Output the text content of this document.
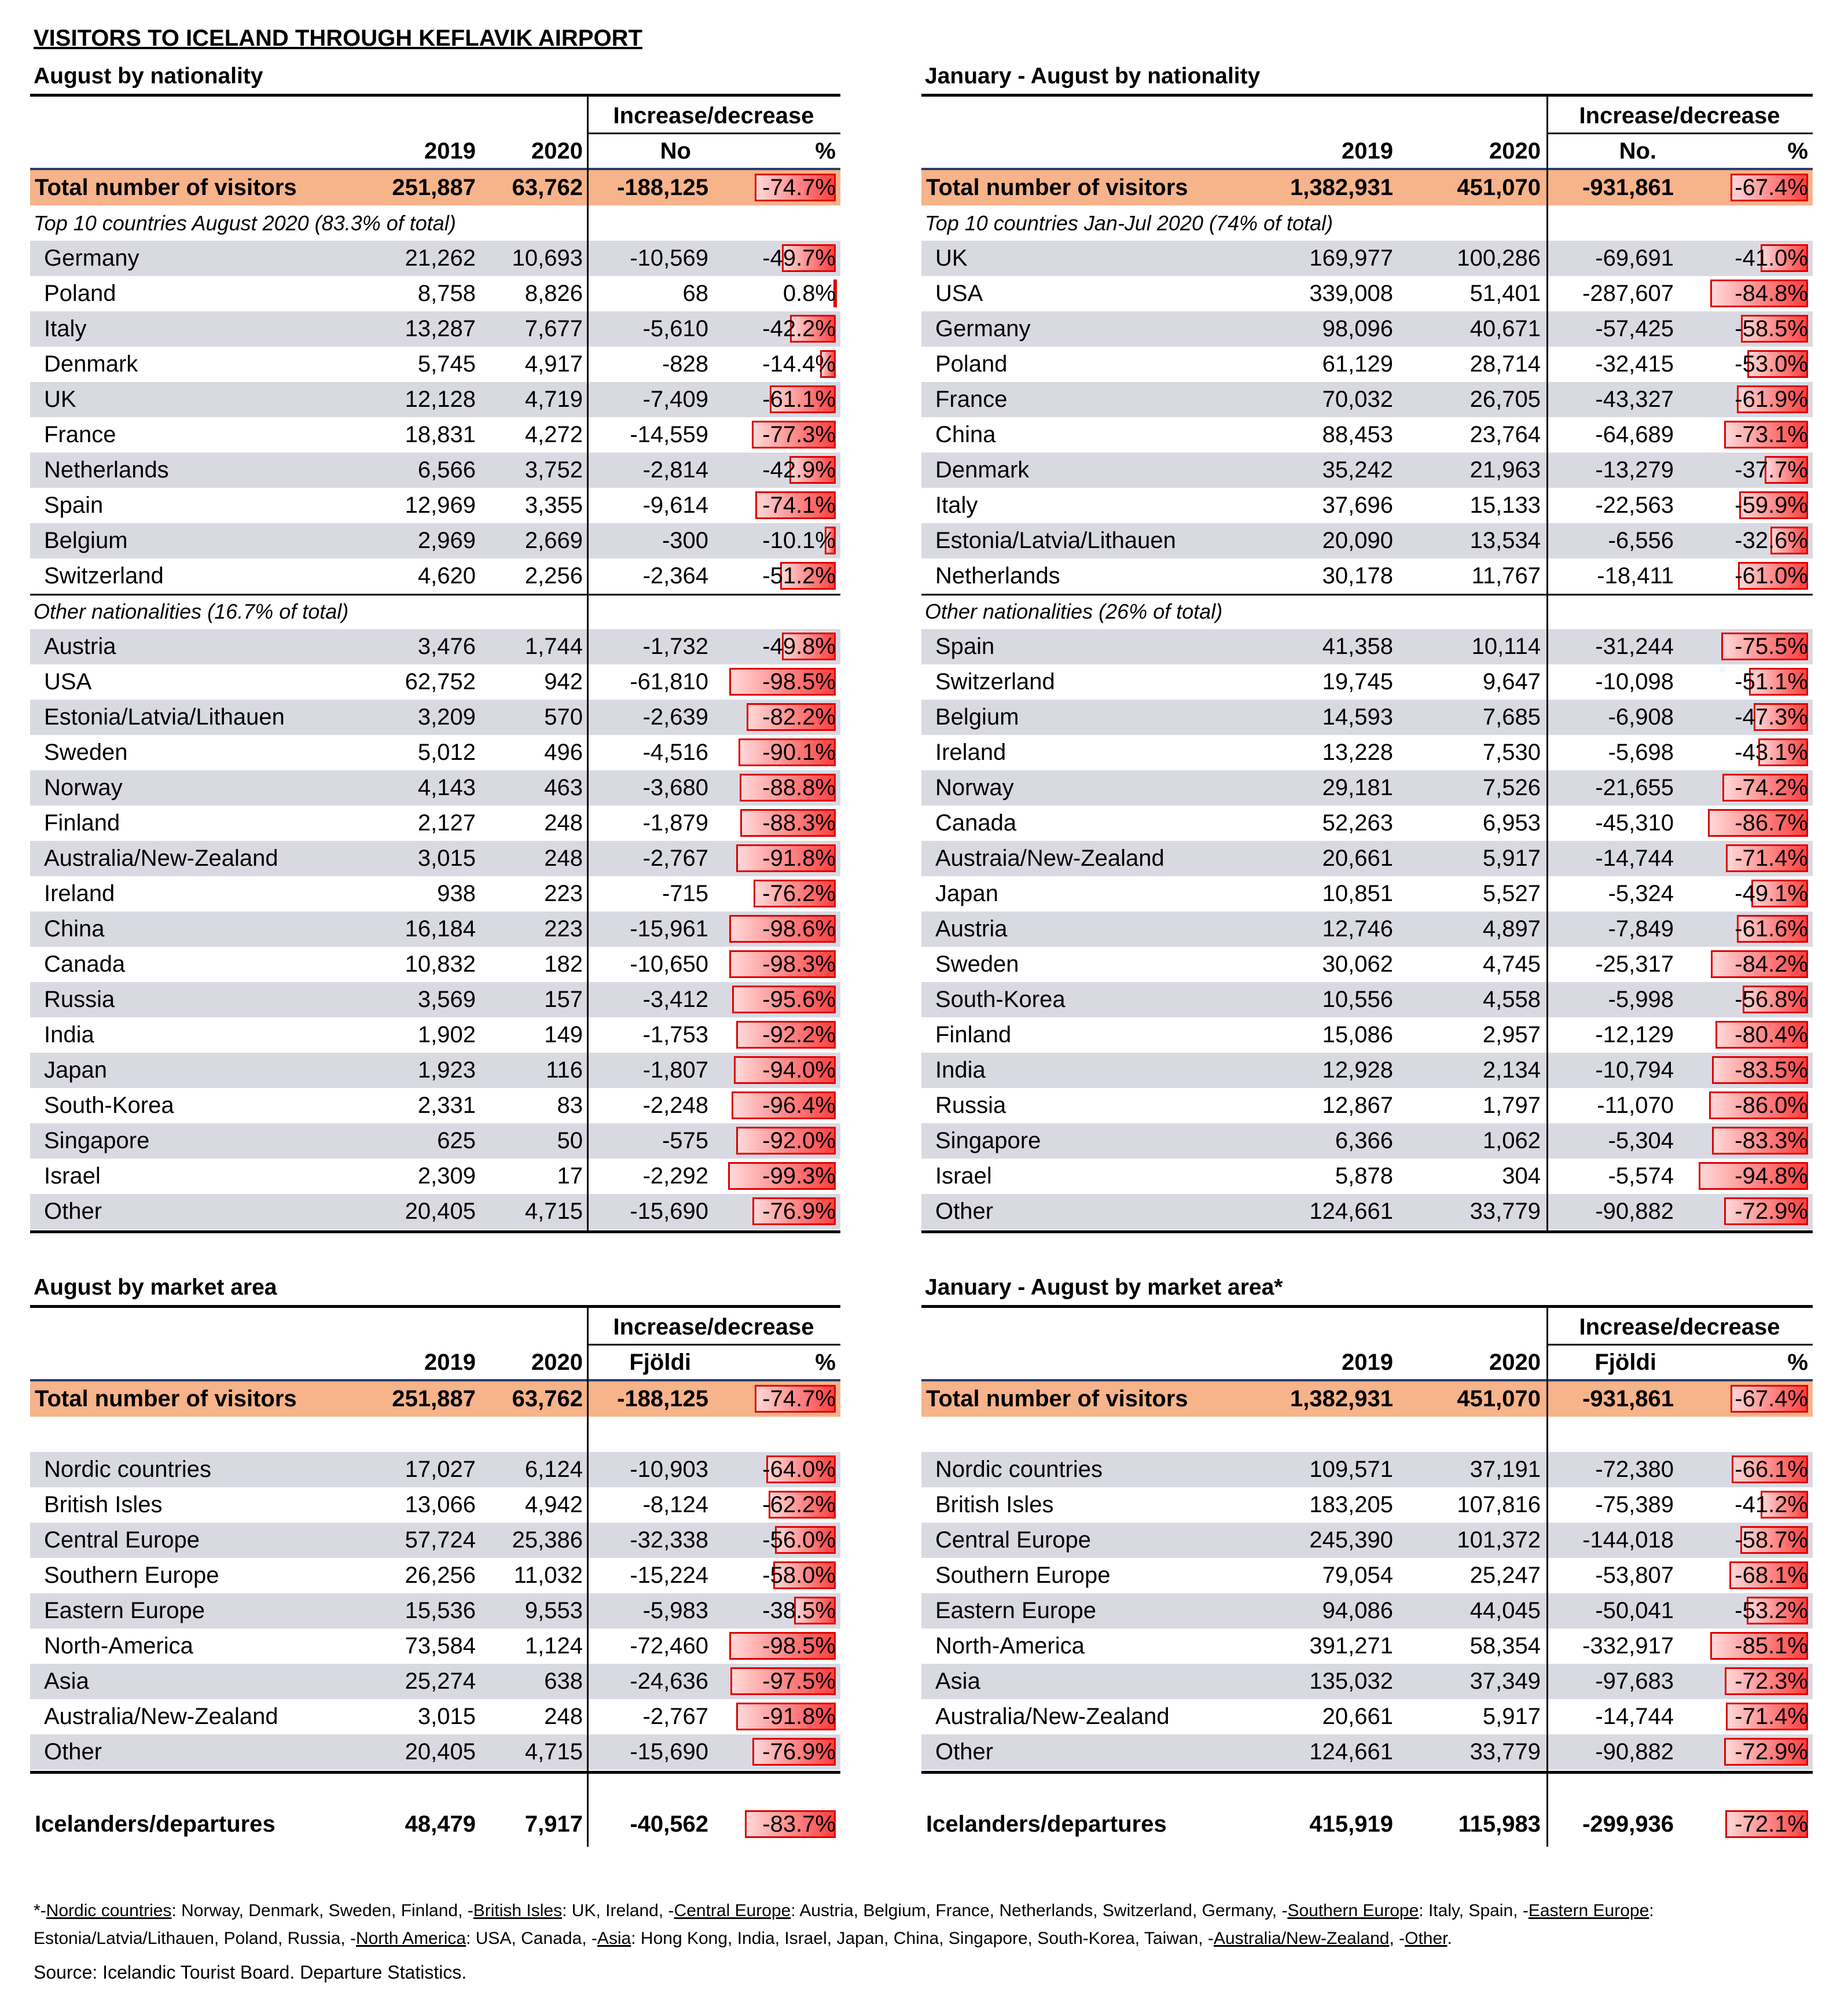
VISITORS TO ICELAND THROUGH KEFLAVIK AIRPORT
August by nationality
Increase/decrease
2019	2020	No	%
Total number of visitors	251,887	63,762	-188,125	-74.7%
Top 10 countries August 2020 (83.3% of total)
Germany	21,262	10,693	-10,569	-49.7%
Poland	8,758	8,826	68	0.8%
Italy	13,287	7,677	-5,610	-42.2%
Denmark	5,745	4,917	-828	-14.4%
UK	12,128	4,719	-7,409	-61.1%
France	18,831	4,272	-14,559	-77.3%
Netherlands	6,566	3,752	-2,814	-42.9%
Spain	12,969	3,355	-9,614	-74.1%
Belgium	2,969	2,669	-300	-10.1%
Switzerland	4,620	2,256	-2,364	-51.2%
Other nationalities (16.7% of total)
Austria	3,476	1,744	-1,732	-49.8%
USA	62,752	942	-61,810	-98.5%
Estonia/Latvia/Lithauen	3,209	570	-2,639	-82.2%
Sweden	5,012	496	-4,516	-90.1%
Norway	4,143	463	-3,680	-88.8%
Finland	2,127	248	-1,879	-88.3%
Australia/New-Zealand	3,015	248	-2,767	-91.8%
Ireland	938	223	-715	-76.2%
China	16,184	223	-15,961	-98.6%
Canada	10,832	182	-10,650	-98.3%
Russia	3,569	157	-3,412	-95.6%
India	1,902	149	-1,753	-92.2%
Japan	1,923	116	-1,807	-94.0%
South-Korea	2,331	83	-2,248	-96.4%
Singapore	625	50	-575	-92.0%
Israel	2,309	17	-2,292	-99.3%
Other	20,405	4,715	-15,690	-76.9%
January - August by nationality
Increase/decrease
2019	2020	No.	%
Total number of visitors	1,382,931	451,070	-931,861	-67.4%
Top 10 countries Jan-Jul 2020 (74% of total)
UK	169,977	100,286	-69,691	-41.0%
USA	339,008	51,401	-287,607	-84.8%
Germany	98,096	40,671	-57,425	-58.5%
Poland	61,129	28,714	-32,415	-53.0%
France	70,032	26,705	-43,327	-61.9%
China	88,453	23,764	-64,689	-73.1%
Denmark	35,242	21,963	-13,279	-37.7%
Italy	37,696	15,133	-22,563	-59.9%
Estonia/Latvia/Lithauen	20,090	13,534	-6,556	-32.6%
Netherlands	30,178	11,767	-18,411	-61.0%
Other nationalities (26% of total)
Spain	41,358	10,114	-31,244	-75.5%
Switzerland	19,745	9,647	-10,098	-51.1%
Belgium	14,593	7,685	-6,908	-47.3%
Ireland	13,228	7,530	-5,698	-43.1%
Norway	29,181	7,526	-21,655	-74.2%
Canada	52,263	6,953	-45,310	-86.7%
Austraia/New-Zealand	20,661	5,917	-14,744	-71.4%
Japan	10,851	5,527	-5,324	-49.1%
Austria	12,746	4,897	-7,849	-61.6%
Sweden	30,062	4,745	-25,317	-84.2%
South-Korea	10,556	4,558	-5,998	-56.8%
Finland	15,086	2,957	-12,129	-80.4%
India	12,928	2,134	-10,794	-83.5%
Russia	12,867	1,797	-11,070	-86.0%
Singapore	6,366	1,062	-5,304	-83.3%
Israel	5,878	304	-5,574	-94.8%
Other	124,661	33,779	-90,882	-72.9%
August by market area
Increase/decrease
2019	2020	Fjöldi	%
Total number of visitors	251,887	63,762	-188,125	-74.7%
Nordic countries	17,027	6,124	-10,903	-64.0%
British Isles	13,066	4,942	-8,124	-62.2%
Central Europe	57,724	25,386	-32,338	-56.0%
Southern Europe	26,256	11,032	-15,224	-58.0%
Eastern Europe	15,536	9,553	-5,983	-38.5%
North-America	73,584	1,124	-72,460	-98.5%
Asia	25,274	638	-24,636	-97.5%
Australia/New-Zealand	3,015	248	-2,767	-91.8%
Other	20,405	4,715	-15,690	-76.9%
Icelanders/departures	48,479	7,917	-40,562	-83.7%
January - August by market area*
Increase/decrease
2019	2020	Fjöldi	%
Total number of visitors	1,382,931	451,070	-931,861	-67.4%
Nordic countries	109,571	37,191	-72,380	-66.1%
British Isles	183,205	107,816	-75,389	-41.2%
Central Europe	245,390	101,372	-144,018	-58.7%
Southern Europe	79,054	25,247	-53,807	-68.1%
Eastern Europe	94,086	44,045	-50,041	-53.2%
North-America	391,271	58,354	-332,917	-85.1%
Asia	135,032	37,349	-97,683	-72.3%
Australia/New-Zealand	20,661	5,917	-14,744	-71.4%
Other	124,661	33,779	-90,882	-72.9%
Icelanders/departures	415,919	115,983	-299,936	-72.1%
*-Nordic countries: Norway, Denmark, Sweden, Finland, -British Isles: UK, Ireland, -Central Europe: Austria, Belgium, France, Netherlands, Switzerland, Germany, -Southern Europe: Italy, Spain, -Eastern Europe: Estonia/Latvia/Lithauen, Poland, Russia, -North America: USA, Canada, -Asia: Hong Kong, India, Israel, Japan, China, Singapore, South-Korea, Taiwan, -Australia/New-Zealand, -Other.
Source: Icelandic Tourist Board. Departure Statistics.
